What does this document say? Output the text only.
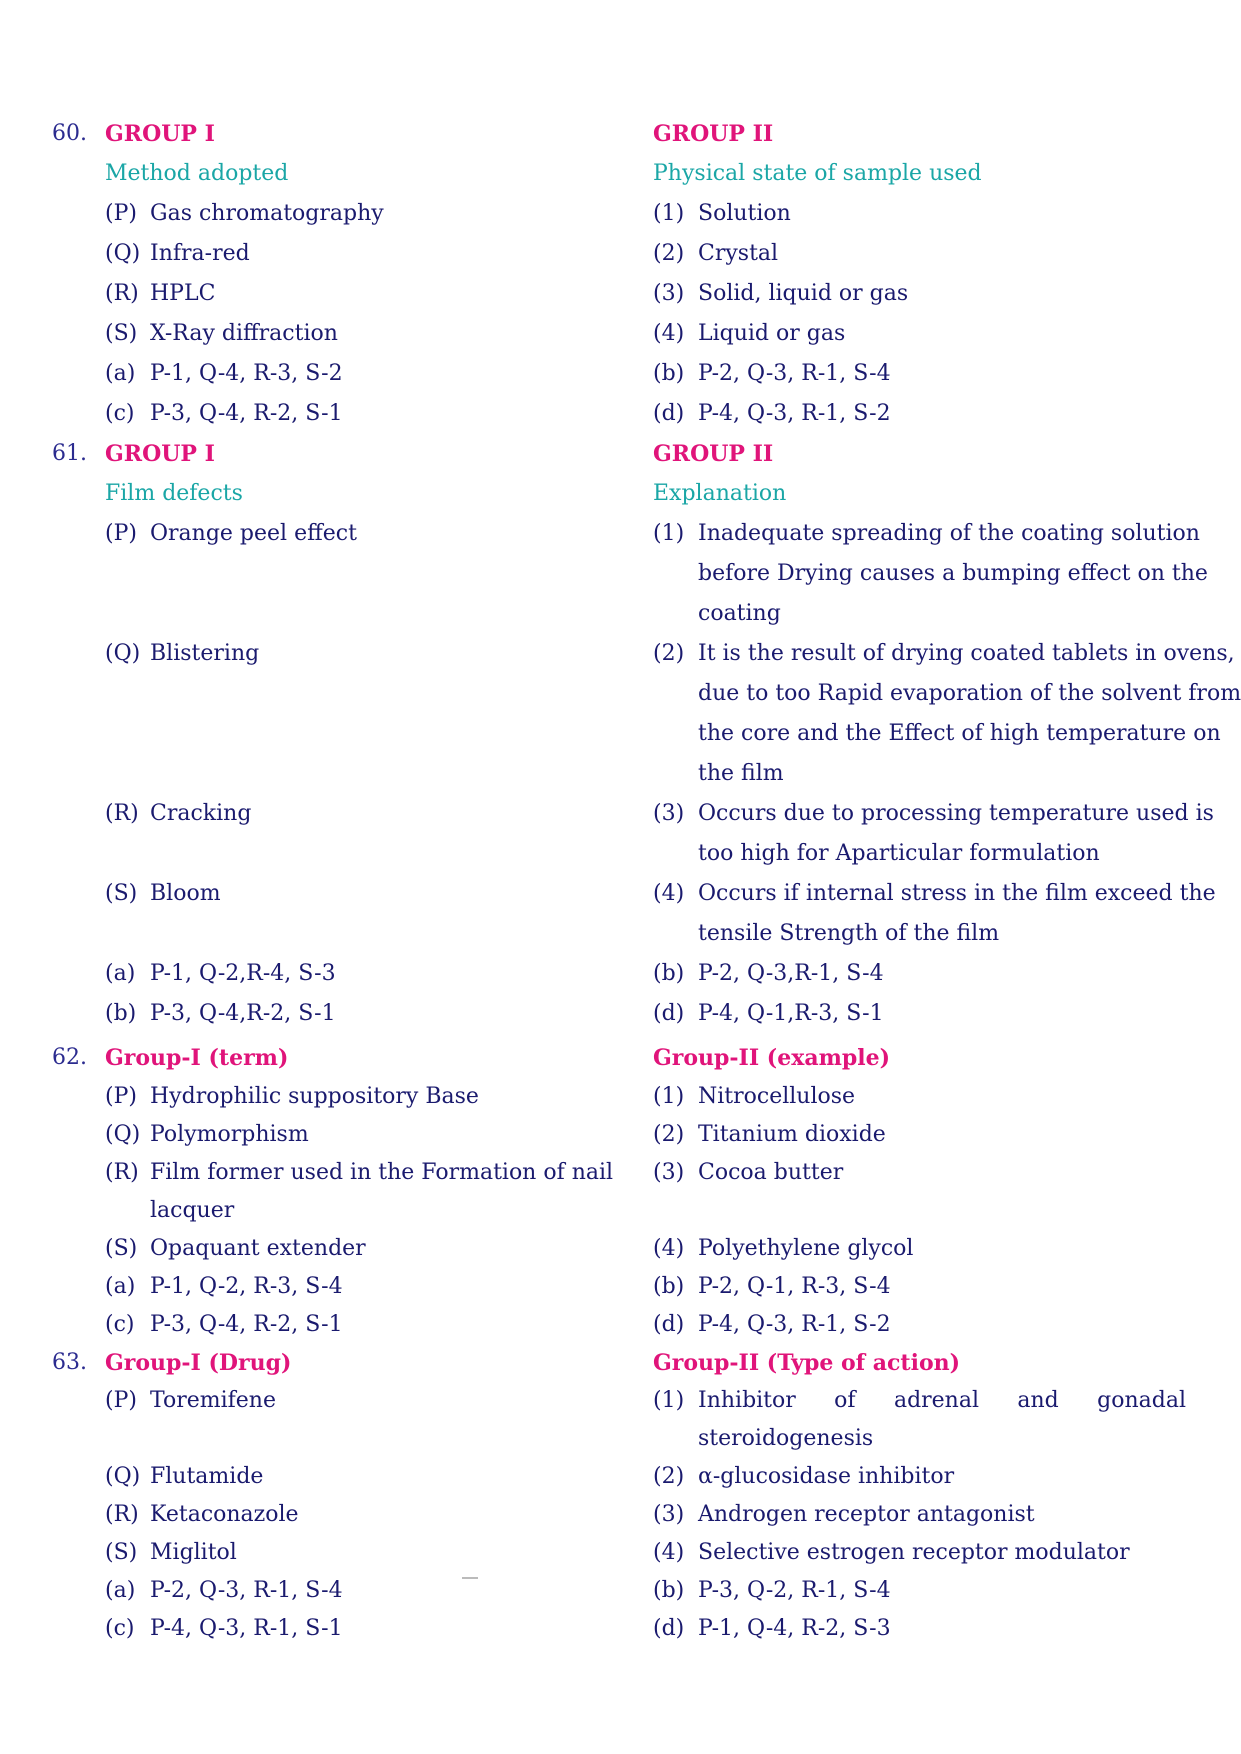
60. GROUP I	GROUP II
Method adopted	Physical state of sample used
(P) Gas chromatography	(1) Solution
(Q) Infra-red	(2) Crystal
(R) HPLC	(3) Solid, liquid or gas
(S) X-Ray diffraction	(4) Liquid or gas
(a) P-1, Q-4, R-3, S-2	(b) P-2, Q-3, R-1, S-4
(c) P-3, Q-4, R-2, S-1	(d) P-4, Q-3, R-1, S-2
61. GROUP I	GROUP II
Film defects	Explanation
(P) Orange peel effect	(1) Inadequate spreading of the coating solution
before Drying causes a bumping effect on the
coating
(Q) Blistering	(2) It is the result of drying coated tablets in ovens,
due to too Rapid evaporation of the solvent from
the core and the Effect of high temperature on
the film
(R) Cracking	(3) Occurs due to processing temperature used is
too high for Aparticular formulation
(S) Bloom	(4) Occurs if internal stress in the film exceed the
tensile Strength of the film
(a) P-1, Q-2,R-4, S-3	(b) P-2, Q-3,R-1, S-4
(b) P-3, Q-4,R-2, S-1	(d) P-4, Q-1,R-3, S-1
62. Group-I (term)	Group-II (example)
(P) Hydrophilic suppository Base	(1) Nitrocellulose
(Q) Polymorphism	(2) Titanium dioxide
(R) Film former used in the Formation of nail (3) Cocoa butter
lacquer
(S) Opaquant extender	(4) Polyethylene glycol
(a) P-1, Q-2, R-3, S-4	(b) P-2, Q-1, R-3, S-4
(c) P-3, Q-4, R-2, S-1	(d) P-4, Q-3, R-1, S-2
63. Group-I (Drug)	Group-II (Type of action)
(P) Toremifene	(1) Inhibitor of adrenal and gonadal
steroidogenesis
(Q) Flutamide	(2) α-glucosidase inhibitor
(R) Ketaconazole	(3) Androgen receptor antagonist
(S) Miglitol	(4) Selective estrogen receptor modulator
(a) P-2, Q-3, R-1, S-4	(b) P-3, Q-2, R-1, S-4
(c) P-4, Q-3, R-1, S-1	(d) P-1, Q-4, R-2, S-3
